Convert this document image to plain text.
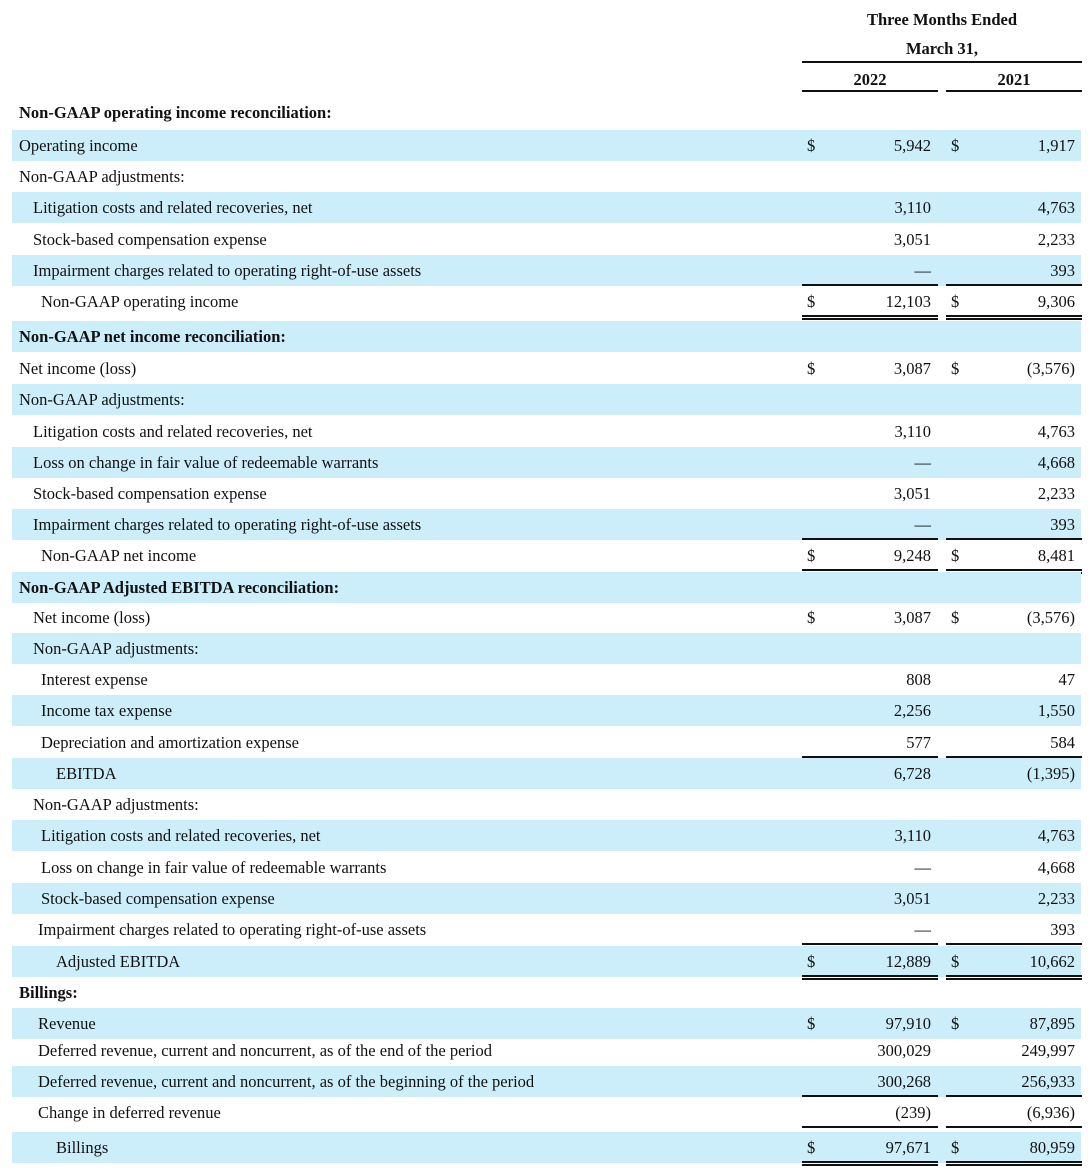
Three Months Ended
March 31,
2022	2021
Non-GAAP operating income reconciliation:
Operating income	$	5,942 $	1,917
Non-GAAP adjustments:
Litigation costs and related recoveries, net	3,110	4,763
Stock-based compensation expense	3,051	2,233
Impairment charges related to operating right-of-use assets	—	393
Non-GAAP operating income	$	12,103 $	9,306
Non-GAAP net income reconciliation:
Net income (loss)	$	3,087 $	(3,576)
Non-GAAP adjustments:
Litigation costs and related recoveries, net	3,110	4,763
Loss on change in fair value of redeemable warrants	—	4,668
Stock-based compensation expense	3,051	2,233
Impairment charges related to operating right-of-use assets	—	393
Non-GAAP net income	$	9,248 $	8,481
Non-GAAP Adjusted EBITDA reconciliation:
Net income (loss)	$	3,087 $	(3,576)
Non-GAAP adjustments:
Interest expense	808	47
Income tax expense	2,256	1,550
Depreciation and amortization expense	577	584
EBITDA	6,728	(1,395)
Non-GAAP adjustments:
Litigation costs and related recoveries, net	3,110	4,763
Loss on change in fair value of redeemable warrants	—	4,668
Stock-based compensation expense	3,051	2,233
Impairment charges related to operating right-of-use assets	—	393
Adjusted EBITDA	$	12,889 $	10,662
Billings:
Revenue	$	97,910 $	87,895
Deferred revenue, current and noncurrent, as of the end of the period	300,029	249,997
Deferred revenue, current and noncurrent, as of the beginning of the period	300,268	256,933
Change in deferred revenue	(239)	(6,936)
Billings	$	97,671 $	80,959
